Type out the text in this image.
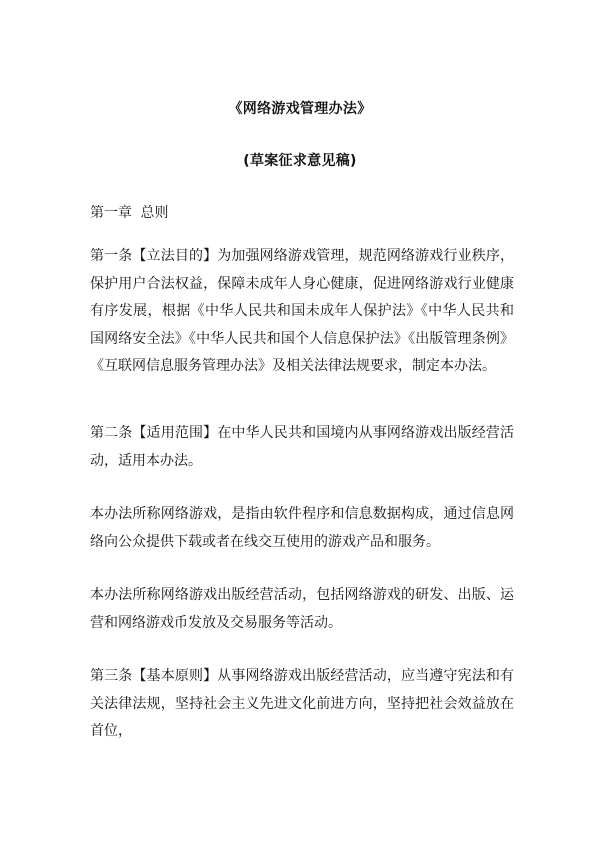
《网络游戏管理办法》
(草案征求意见稿)
第一章 总则

第一条【立法目的】为加强网络游戏管理，规范网络游戏行业秩序，保护用户合法权益，保障未成年人身心健康，促进网络游戏行业健康有序发展，根据《中华人民共和国未成年人保护法》《中华人民共和国网络安全法》《中华人民共和国个人信息保护法》《出版管理条例》《互联网信息服务管理办法》及相关法律法规要求，制定本办法。

第二条【适用范围】在中华人民共和国境内从事网络游戏出版经营活动，适用本办法。

本办法所称网络游戏，是指由软件程序和信息数据构成，通过信息网络向公众提供下载或者在线交互使用的游戏产品和服务。

本办法所称网络游戏出版经营活动，包括网络游戏的研发、出版、运营和网络游戏币发放及交易服务等活动。

第三条【基本原则】从事网络游戏出版经营活动，应当遵守宪法和有关法律法规，坚持社会主义先进文化前进方向，坚持把社会效益放在首位，
